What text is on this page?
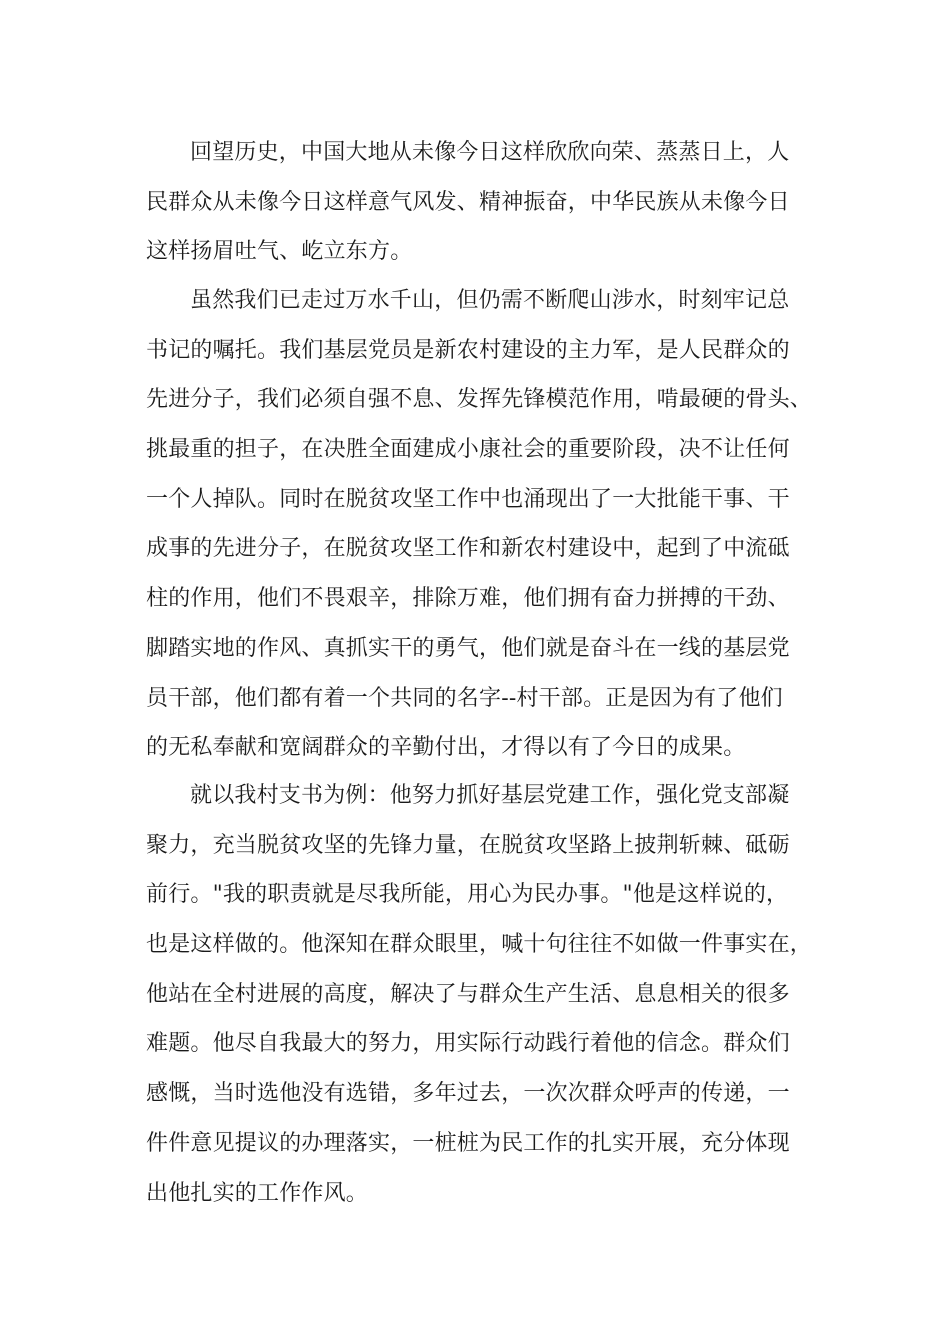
回望历史，中国大地从未像今日这样欣欣向荣、蒸蒸日上，人
民群众从未像今日这样意气风发、精神振奋，中华民族从未像今日
这样扬眉吐气、屹立东方。
虽然我们已走过万水千山，但仍需不断爬山涉水，时刻牢记总
书记的嘱托。我们基层党员是新农村建设的主力军，是人民群众的
先进分子，我们必须自强不息、发挥先锋模范作用，啃最硬的骨头、
挑最重的担子，在决胜全面建成小康社会的重要阶段，决不让任何
一个人掉队。同时在脱贫攻坚工作中也涌现出了一大批能干事、干
成事的先进分子，在脱贫攻坚工作和新农村建设中，起到了中流砥
柱的作用，他们不畏艰辛，排除万难，他们拥有奋力拼搏的干劲、
脚踏实地的作风、真抓实干的勇气，他们就是奋斗在一线的基层党
员干部，他们都有着一个共同的名字--村干部。正是因为有了他们
的无私奉献和宽阔群众的辛勤付出，才得以有了今日的成果。
就以我村支书为例：他努力抓好基层党建工作，强化党支部凝
聚力，充当脱贫攻坚的先锋力量，在脱贫攻坚路上披荆斩棘、砥砺
前行。"我的职责就是尽我所能，用心为民办事。"他是这样说的，
也是这样做的。他深知在群众眼里，喊十句往往不如做一件事实在，
他站在全村进展的高度，解决了与群众生产生活、息息相关的很多
难题。他尽自我最大的努力，用实际行动践行着他的信念。群众们
感慨，当时选他没有选错，多年过去，一次次群众呼声的传递，一
件件意见提议的办理落实，一桩桩为民工作的扎实开展，充分体现
出他扎实的工作作风。
